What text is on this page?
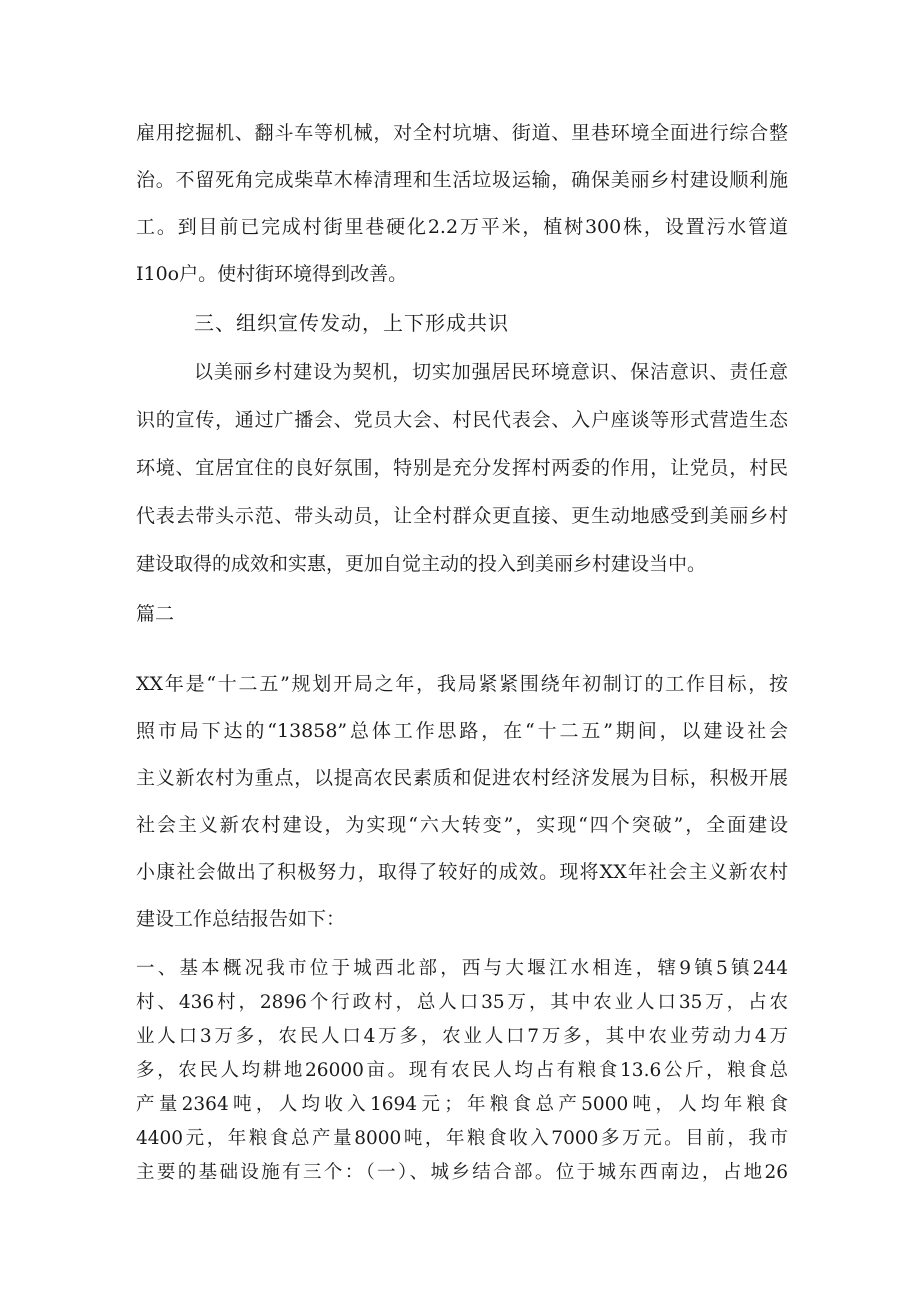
雇用挖掘机、翻斗车等机械，对全村坑塘、街道、里巷环境全面进行综合整
治。不留死角完成柴草木棒清理和生活垃圾运输，确保美丽乡村建设顺利施
工。到目前已完成村街里巷硬化2.2万平米，植树300株，设置污水管道
I10o户。使村街环境得到改善。
三、组织宣传发动，上下形成共识
以美丽乡村建设为契机，切实加强居民环境意识、保洁意识、责任意
识的宣传，通过广播会、党员大会、村民代表会、入户座谈等形式营造生态
环境、宜居宜住的良好氛围，特别是充分发挥村两委的作用，让党员，村民
代表去带头示范、带头动员，让全村群众更直接、更生动地感受到美丽乡村
建设取得的成效和实惠，更加自觉主动的投入到美丽乡村建设当中。
篇二
XX年是“十二五”规划开局之年，我局紧紧围绕年初制订的工作目标，按
照市局下达的“13858”总体工作思路，在“十二五”期间，以建设社会
主义新农村为重点，以提高农民素质和促进农村经济发展为目标，积极开展
社会主义新农村建设，为实现“六大转变”，实现“四个突破”，全面建设
小康社会做出了积极努力，取得了较好的成效。现将XX年社会主义新农村
建设工作总结报告如下：
一、基本概况我市位于城西北部，西与大堰江水相连，辖9镇5镇244
村、436村，2896个行政村，总人口35万，其中农业人口35万，占农
业人口3万多，农民人口4万多，农业人口7万多，其中农业劳动力4万
多，农民人均耕地26000亩。现有农民人均占有粮食13.6公斤，粮食总
产量2364吨，人均收入1694元；年粮食总产5000吨，人均年粮食
4400元，年粮食总产量8000吨，年粮食收入7000多万元。目前，我市
主要的基础设施有三个：（一）、城乡结合部。位于城东西南边，占地26
